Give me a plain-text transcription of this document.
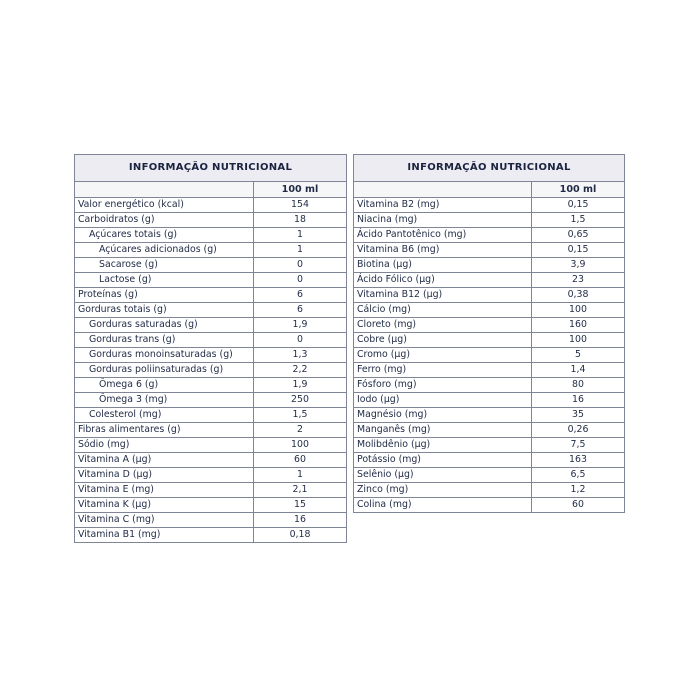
INFORMAÇÃO NUTRICIONAL	
	100 ml
Valor energético (kcal)	154
Carboidratos (g)	18
Açúcares totais (g)	1
Açúcares adicionados (g)	1
Sacarose (g)	0
Lactose (g)	0
Proteínas (g)	6
Gorduras totais (g)	6
Gorduras saturadas (g)	1,9
Gorduras trans (g)	0
Gorduras monoinsaturadas (g)	1,3
Gorduras poliinsaturadas (g)	2,2
Ômega 6 (g)	1,9
Ômega 3 (mg)	250
Colesterol (mg)	1,5
Fibras alimentares (g)	2
Sódio (mg)	100
Vitamina A (µg)	60
Vitamina D (µg)	1
Vitamina E (mg)	2,1
Vitamina K (µg)	15
Vitamina C (mg)	16
Vitamina B1 (mg)	0,18
INFORMAÇÃO NUTRICIONAL	
	100 ml
Vitamina B2 (mg)	0,15
Niacina (mg)	1,5
Ácido Pantotênico (mg)	0,65
Vitamina B6 (mg)	0,15
Biotina (µg)	3,9
Ácido Fólico (µg)	23
Vitamina B12 (µg)	0,38
Cálcio (mg)	100
Cloreto (mg)	160
Cobre (µg)	100
Cromo (µg)	5
Ferro (mg)	1,4
Fósforo (mg)	80
Iodo (µg)	16
Magnésio (mg)	35
Manganês (mg)	0,26
Molibdênio (µg)	7,5
Potássio (mg)	163
Selênio (µg)	6,5
Zinco (mg)	1,2
Colina (mg)	60
